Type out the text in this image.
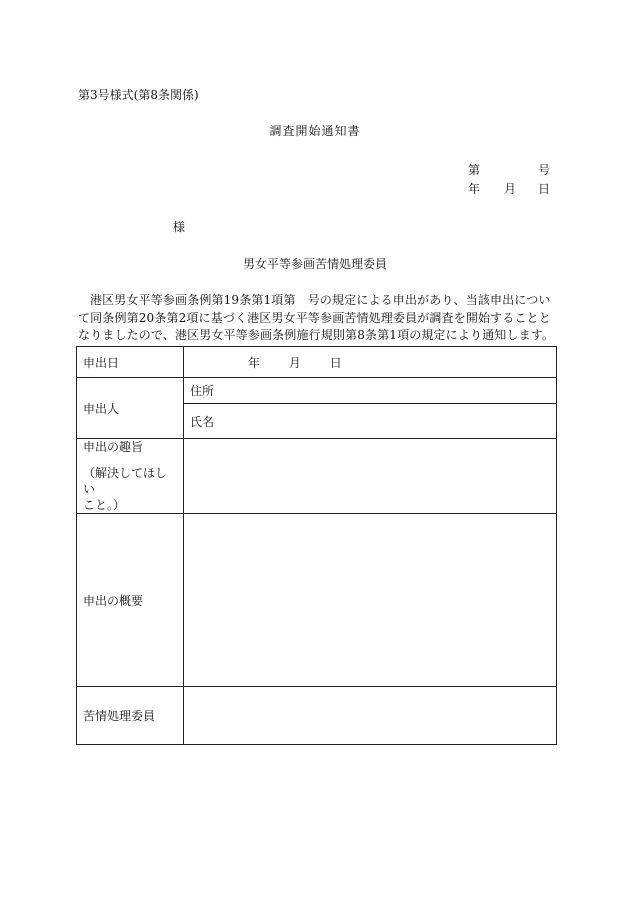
第3号様式(第8条関係)
調査開始通知書
第	号
年 月 日
様
男女平等参画苦情処理委員
港区男女平等参画条例第19条第1項第　号の規定による申出があり、当該申出について同条例第20条第2項に基づく港区男女平等参画苦情処理委員が調査を開始することとなりましたので、港区男女平等参画条例施行規則第8条第1項の規定により通知します。
申出日	年 月 日
申出人	住所
	氏名

申出の趣旨
（解決してほしい
こと。）	

申出の概要	
苦情処理委員	
